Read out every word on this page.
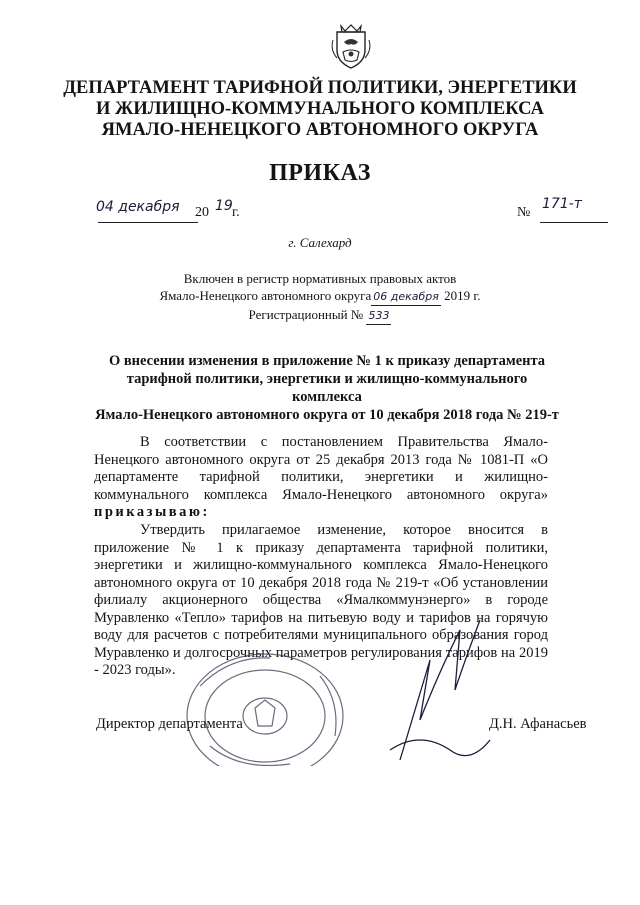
ДЕПАРТАМЕНТ ТАРИФНОЙ ПОЛИТИКИ, ЭНЕРГЕТИКИ
И ЖИЛИЩНО-КОММУНАЛЬНОГО КОМПЛЕКСА
ЯМАЛО-НЕНЕЦКОГО АВТОНОМНОГО ОКРУГА
ПРИКАЗ
04 декабря	20 19 г.	№
171-т
г. Салехард
Включен в регистр нормативных правовых актов
Ямало-Ненецкого автономного округа 06 декабря 2019 г.
Регистрационный № 533
О внесении изменения в приложение № 1 к приказу департамента
тарифной политики, энергетики и жилищно-коммунального комплекса
Ямало-Ненецкого автономного округа от 10 декабря 2018 года № 219-т
В соответствии с постановлением Правительства Ямало-Ненецкого автономного округа от 25 декабря 2013 года № 1081-П «О департаменте тарифной политики, энергетики и жилищно-коммунального комплекса Ямало-Ненецкого автономного округа» приказываю:
Утвердить прилагаемое изменение, которое вносится в приложение № 1 к приказу департамента тарифной политики, энергетики и жилищно-коммунального комплекса Ямало-Ненецкого автономного округа от 10 декабря 2018 года № 219-т «Об установлении филиалу акционерного общества «Ямалкоммунэнерго» в городе Муравленко «Тепло» тарифов на питьевую воду и тарифов на горячую воду для расчетов с потребителями муниципального образования город Муравленко и долгосрочных параметров регулирования тарифов на 2019 - 2023 годы».
Директор департамента	Д.Н. Афанасьев
